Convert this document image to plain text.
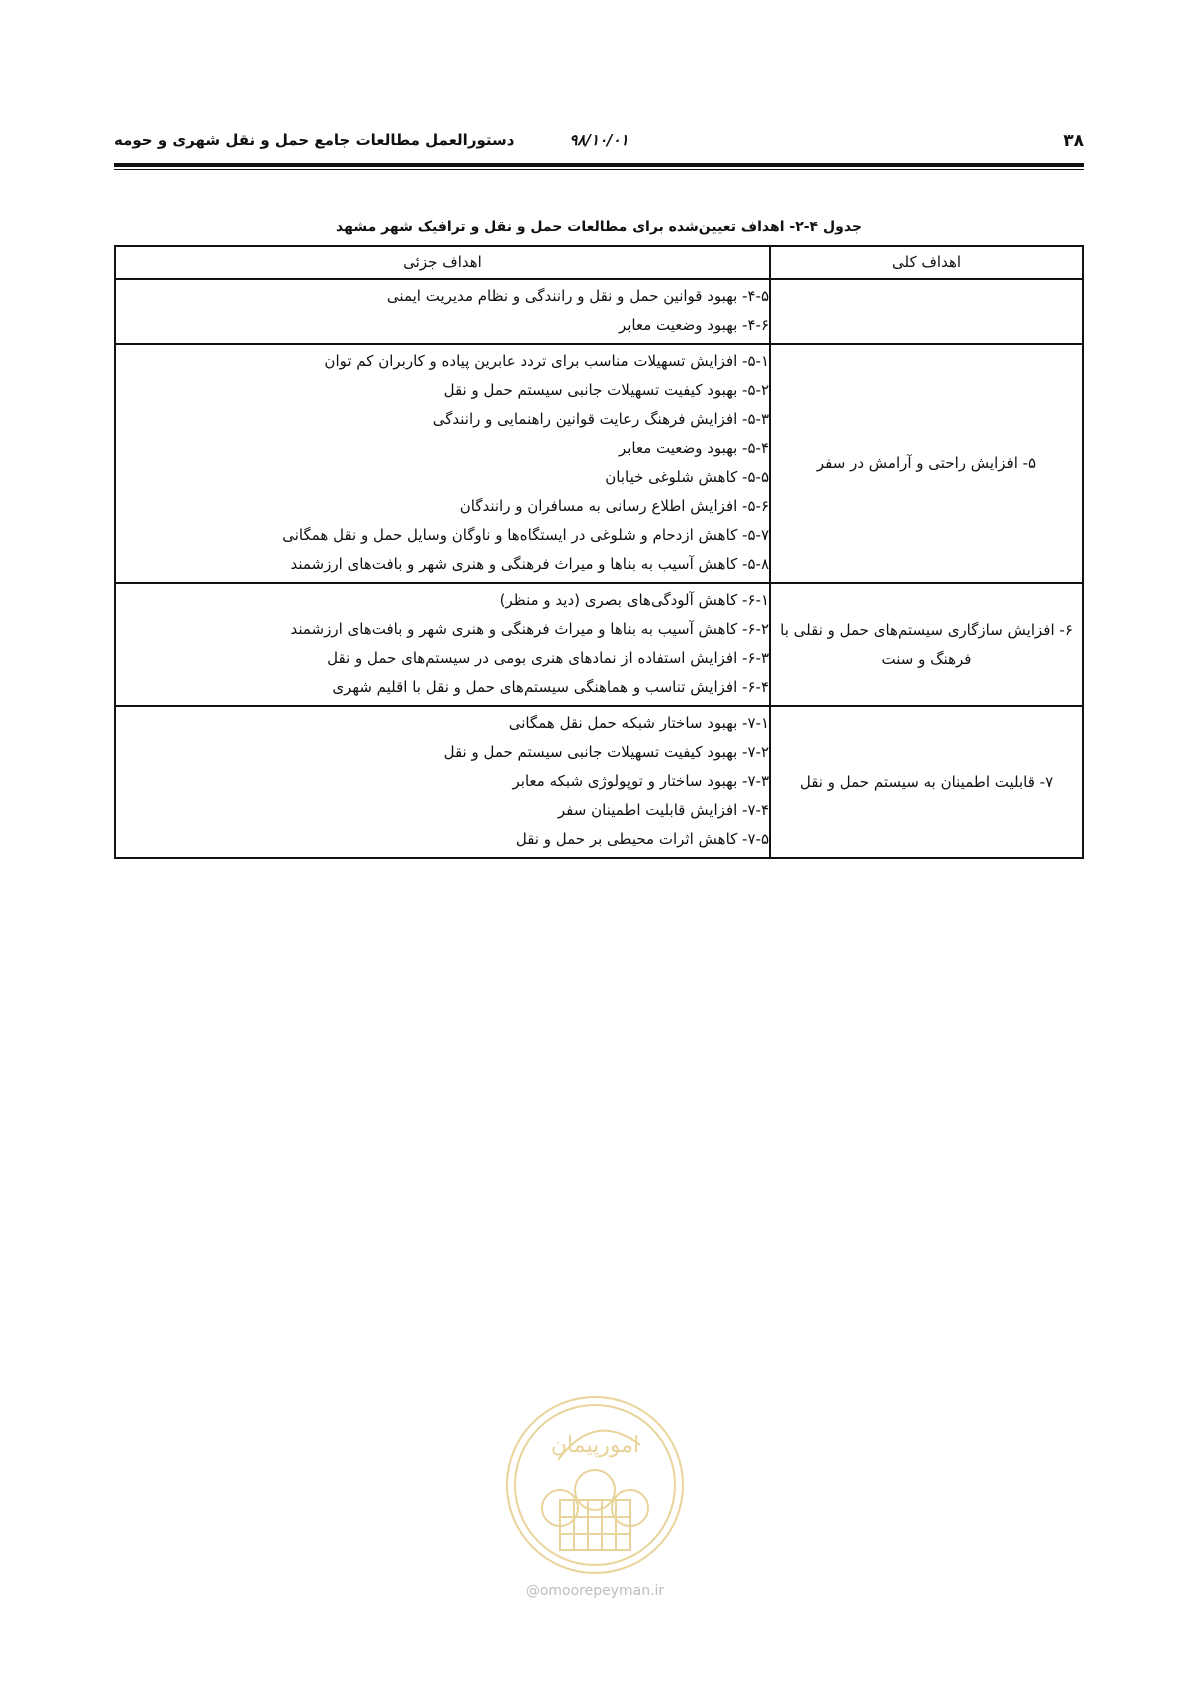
۳۸
۹۸/۱۰/۰۱
دستورالعمل مطالعات جامع حمل و نقل شهری و حومه
جدول ۴-۲- اهداف تعیین‌شده برای مطالعات حمل و نقل و ترافیک شهر مشهد
اهداف کلی
اهداف جزئی
۴-۵- بهبود قوانین حمل و نقل و رانندگی و نظام مدیریت ایمنی
۴-۶- بهبود وضعیت معابر
۵- افزایش راحتی و آرامش در سفر
۵-۱- افزایش تسهیلات مناسب برای تردد عابرین پیاده و کاربران کم توان
۵-۲- بهبود کیفیت تسهیلات جانبی سیستم حمل و نقل
۵-۳- افزایش فرهنگ رعایت قوانین راهنمایی و رانندگی
۵-۴- بهبود وضعیت معابر
۵-۵- کاهش شلوغی خیابان
۵-۶- افزایش اطلاع رسانی به مسافران و رانندگان
۵-۷- کاهش ازدحام و شلوغی در ایستگاه‌ها و ناوگان وسایل حمل و نقل همگانی
۵-۸- کاهش آسیب به بناها و میراث فرهنگی و هنری شهر و بافت‌های ارزشمند
۶- افزایش سازگاری سیستم‌های حمل و نقلی با فرهنگ و سنت
۶-۱- کاهش آلودگی‌های بصری (دید و منظر)
۶-۲- کاهش آسیب به بناها و میراث فرهنگی و هنری شهر و بافت‌های ارزشمند
۶-۳- افزایش استفاده از نمادهای هنری بومی در سیستم‌های حمل و نقل
۶-۴- افزایش تناسب و هماهنگی سیستم‌های حمل و نقل با اقلیم شهری
۷- قابلیت اطمینان به سیستم حمل و نقل
۷-۱- بهبود ساختار شبکه حمل نقل همگانی
۷-۲- بهبود کیفیت تسهیلات جانبی سیستم حمل و نقل
۷-۳- بهبود ساختار و توپولوژی شبکه معابر
۷-۴- افزایش قابلیت اطمینان سفر
۷-۵- کاهش اثرات محیطی بر حمل و نقل
امورپیمان
@omoorepeyman.ir
